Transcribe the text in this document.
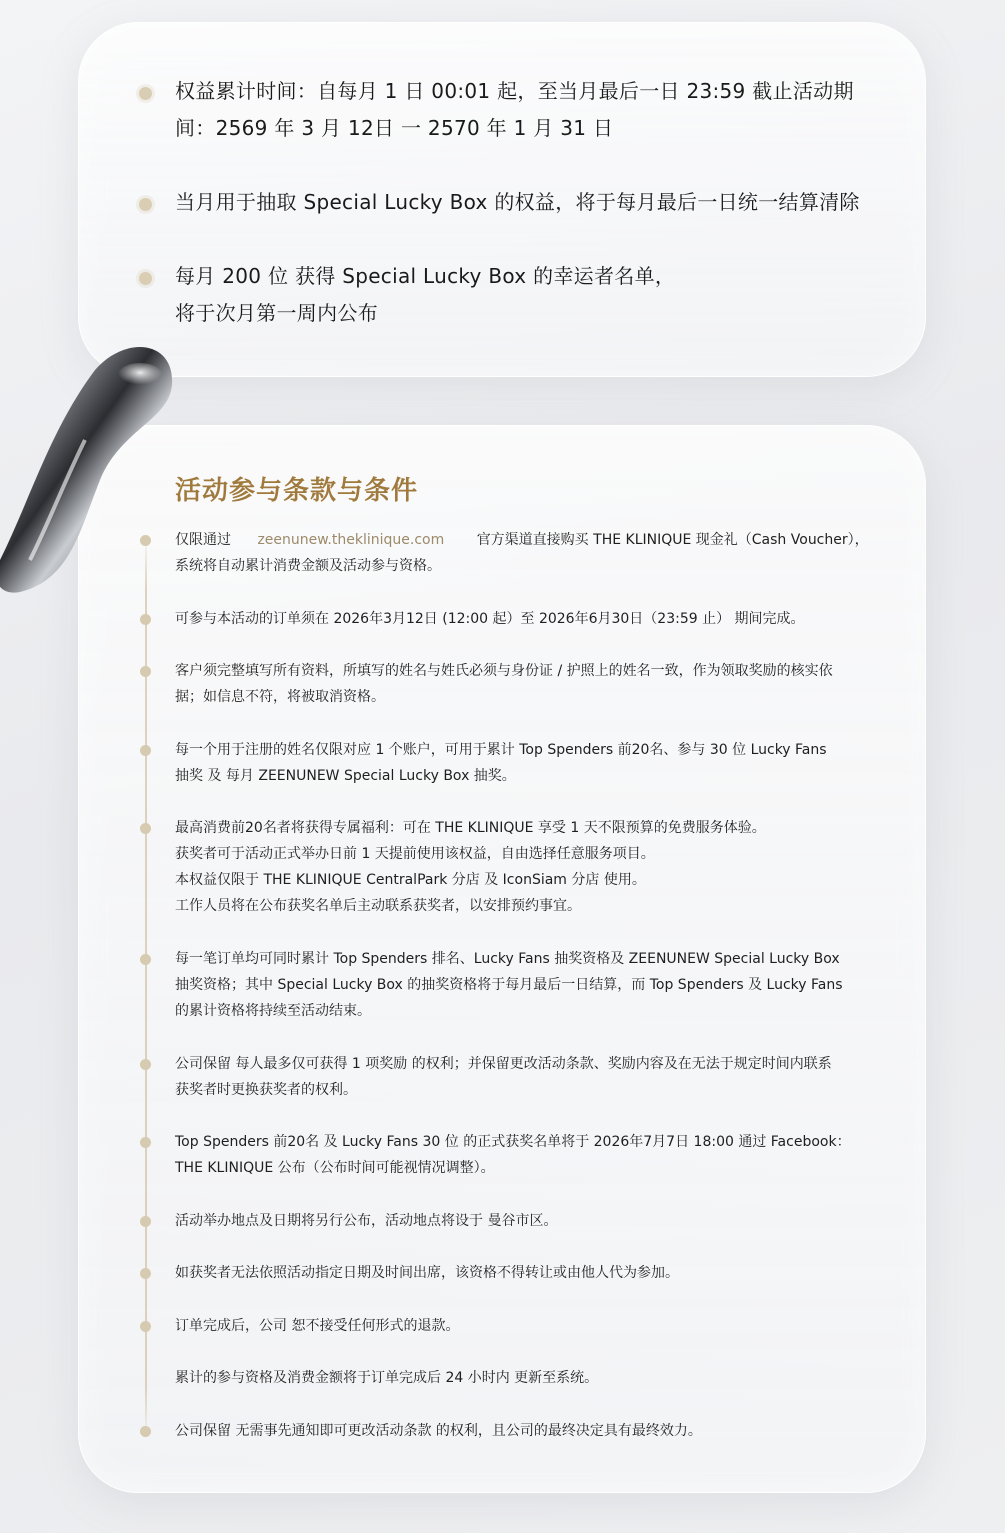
权益累计时间：自每月 1 日 00:01 起，至当月最后一日 23:59 截止活动期
间：2569 年 3 月 12日 一 2570 年 1 月 31 日
当月用于抽取 Special Lucky Box 的权益，将于每月最后一日统一结算清除
每月 200 位 获得 Special Lucky Box 的幸运者名单，
将于次月第一周内公布
活动参与条款与条件
仅限通过 zeenunew.theklinique.com 官方渠道直接购买 THE KLINIQUE 现金礼（Cash Voucher），
系统将自动累计消费金额及活动参与资格。
可参与本活动的订单须在 2026年3月12日 (12:00 起）至 2026年6月30日（23:59 止） 期间完成。
客户须完整填写所有资料，所填写的姓名与姓氏必须与身份证 / 护照上的姓名一致，作为领取奖励的核实依
据；如信息不符，将被取消资格。
每一个用于注册的姓名仅限对应 1 个账户，可用于累计 Top Spenders 前20名、参与 30 位 Lucky Fans
抽奖 及 每月 ZEENUNEW Special Lucky Box 抽奖。
最高消费前20名者将获得专属福利：可在 THE KLINIQUE 享受 1 天不限预算的免费服务体验。
获奖者可于活动正式举办日前 1 天提前使用该权益，自由选择任意服务项目。
本权益仅限于 THE KLINIQUE CentralPark 分店 及 IconSiam 分店 使用。
工作人员将在公布获奖名单后主动联系获奖者，以安排预约事宜。
每一笔订单均可同时累计 Top Spenders 排名、Lucky Fans 抽奖资格及 ZEENUNEW Special Lucky Box
抽奖资格；其中 Special Lucky Box 的抽奖资格将于每月最后一日结算，而 Top Spenders 及 Lucky Fans
的累计资格将持续至活动结束。
公司保留 每人最多仅可获得 1 项奖励 的权利；并保留更改活动条款、奖励内容及在无法于规定时间内联系
获奖者时更换获奖者的权利。
Top Spenders 前20名 及 Lucky Fans 30 位 的正式获奖名单将于 2026年7月7日 18:00 通过 Facebook：
THE KLINIQUE 公布（公布时间可能视情况调整）。
活动举办地点及日期将另行公布，活动地点将设于 曼谷市区。
如获奖者无法依照活动指定日期及时间出席，该资格不得转让或由他人代为参加。
订单完成后，公司 恕不接受任何形式的退款。
累计的参与资格及消费金额将于订单完成后 24 小时内 更新至系统。
公司保留 无需事先通知即可更改活动条款 的权利，且公司的最终决定具有最终效力。
